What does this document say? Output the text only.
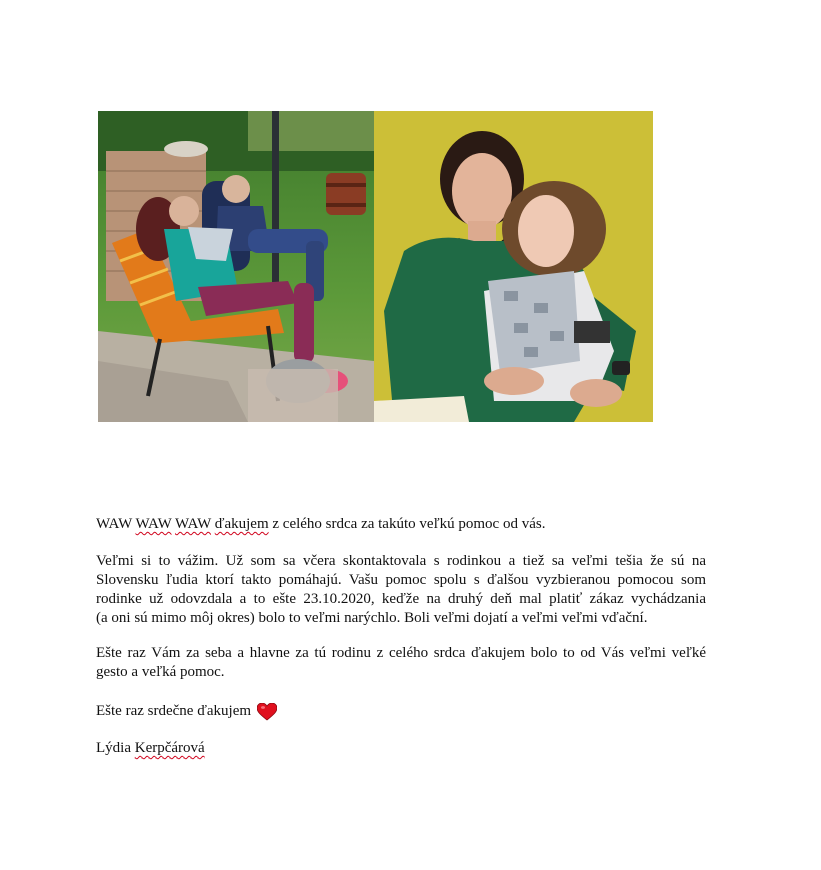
WAW WAW WAW ďakujem z celého srdca za takúto veľkú pomoc od vás.
Veľmi si to vážim. Už som sa včera skontaktovala s rodinkou a tiež sa veľmi tešia že sú na
Slovensku ľudia ktorí takto pomáhajú. Vašu pomoc spolu s ďalšou vyzbieranou pomocou som
rodinke už odovzdala a to ešte 23.10.2020, keďže na druhý deň mal platiť zákaz vychádzania
(a oni sú mimo môj okres) bolo to veľmi narýchlo. Boli veľmi dojatí a veľmi veľmi vďační.
Ešte raz Vám za seba a hlavne za tú rodinu z celého srdca ďakujem bolo to od Vás veľmi veľké
gesto a veľká pomoc.
Ešte raz srdečne ďakujem
Lýdia Kerpčárová
